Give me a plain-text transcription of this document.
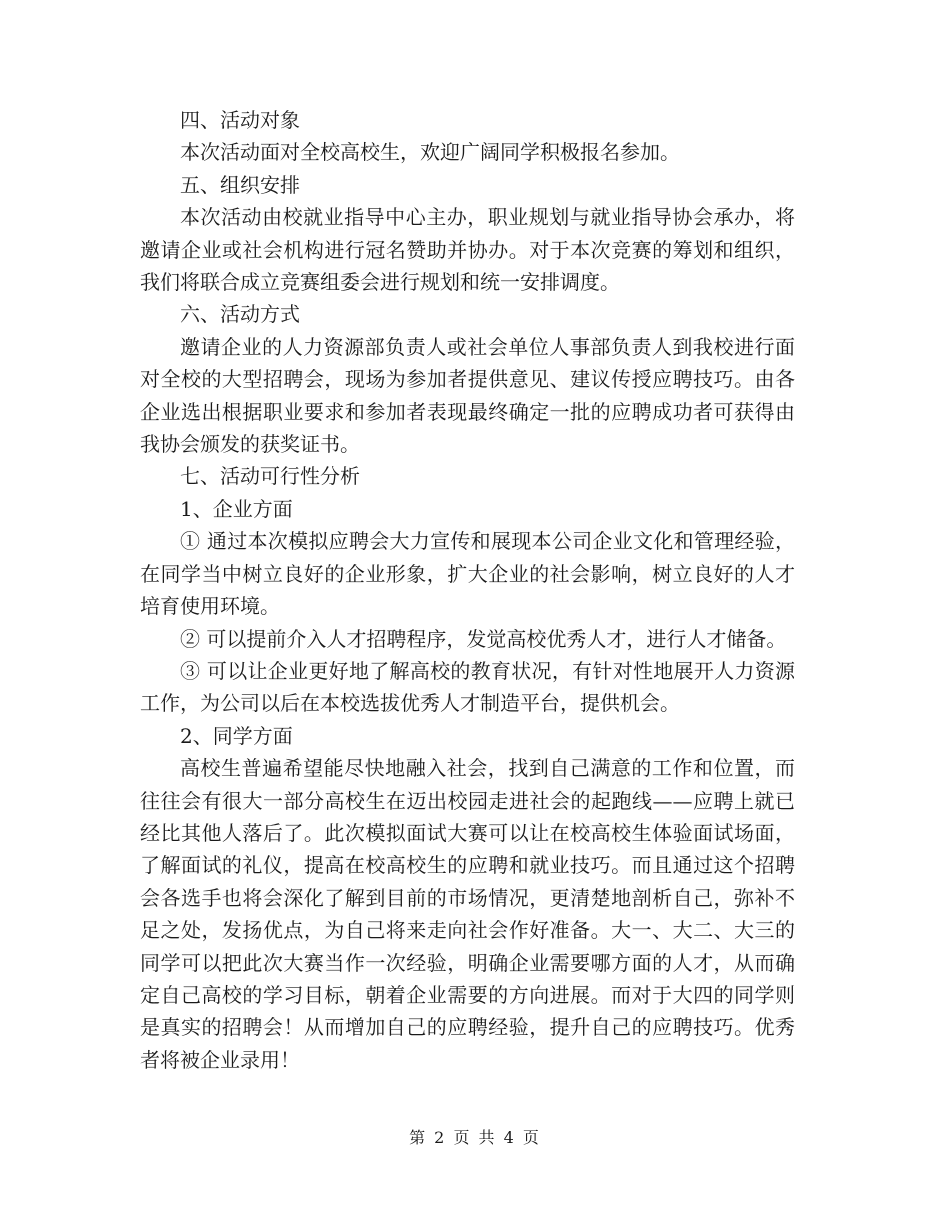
四、活动对象

本次活动面对全校高校生，欢迎广阔同学积极报名参加。

五、组织安排

本次活动由校就业指导中心主办，职业规划与就业指导协会承办，将邀请企业或社会机构进行冠名赞助并协办。对于本次竞赛的筹划和组织，我们将联合成立竞赛组委会进行规划和统一安排调度。

六、活动方式

邀请企业的人力资源部负责人或社会单位人事部负责人到我校进行面对全校的大型招聘会，现场为参加者提供意见、建议传授应聘技巧。由各企业选出根据职业要求和参加者表现最终确定一批的应聘成功者可获得由我协会颁发的获奖证书。

七、活动可行性分析

1、企业方面

① 通过本次模拟应聘会大力宣传和展现本公司企业文化和管理经验，在同学当中树立良好的企业形象，扩大企业的社会影响，树立良好的人才培育使用环境。

② 可以提前介入人才招聘程序，发觉高校优秀人才，进行人才储备。

③ 可以让企业更好地了解高校的教育状况，有针对性地展开人力资源工作，为公司以后在本校选拔优秀人才制造平台，提供机会。

2、同学方面

高校生普遍希望能尽快地融入社会，找到自己满意的工作和位置，而往往会有很大一部分高校生在迈出校园走进社会的起跑线——应聘上就已经比其他人落后了。此次模拟面试大赛可以让在校高校生体验面试场面，了解面试的礼仪，提高在校高校生的应聘和就业技巧。而且通过这个招聘会各选手也将会深化了解到目前的市场情况，更清楚地剖析自己，弥补不足之处，发扬优点，为自己将来走向社会作好准备。大一、大二、大三的同学可以把此次大赛当作一次经验，明确企业需要哪方面的人才，从而确定自己高校的学习目标，朝着企业需要的方向进展。而对于大四的同学则是真实的招聘会！从而增加自己的应聘经验，提升自己的应聘技巧。优秀者将被企业录用！

第 2 页 共 4 页
